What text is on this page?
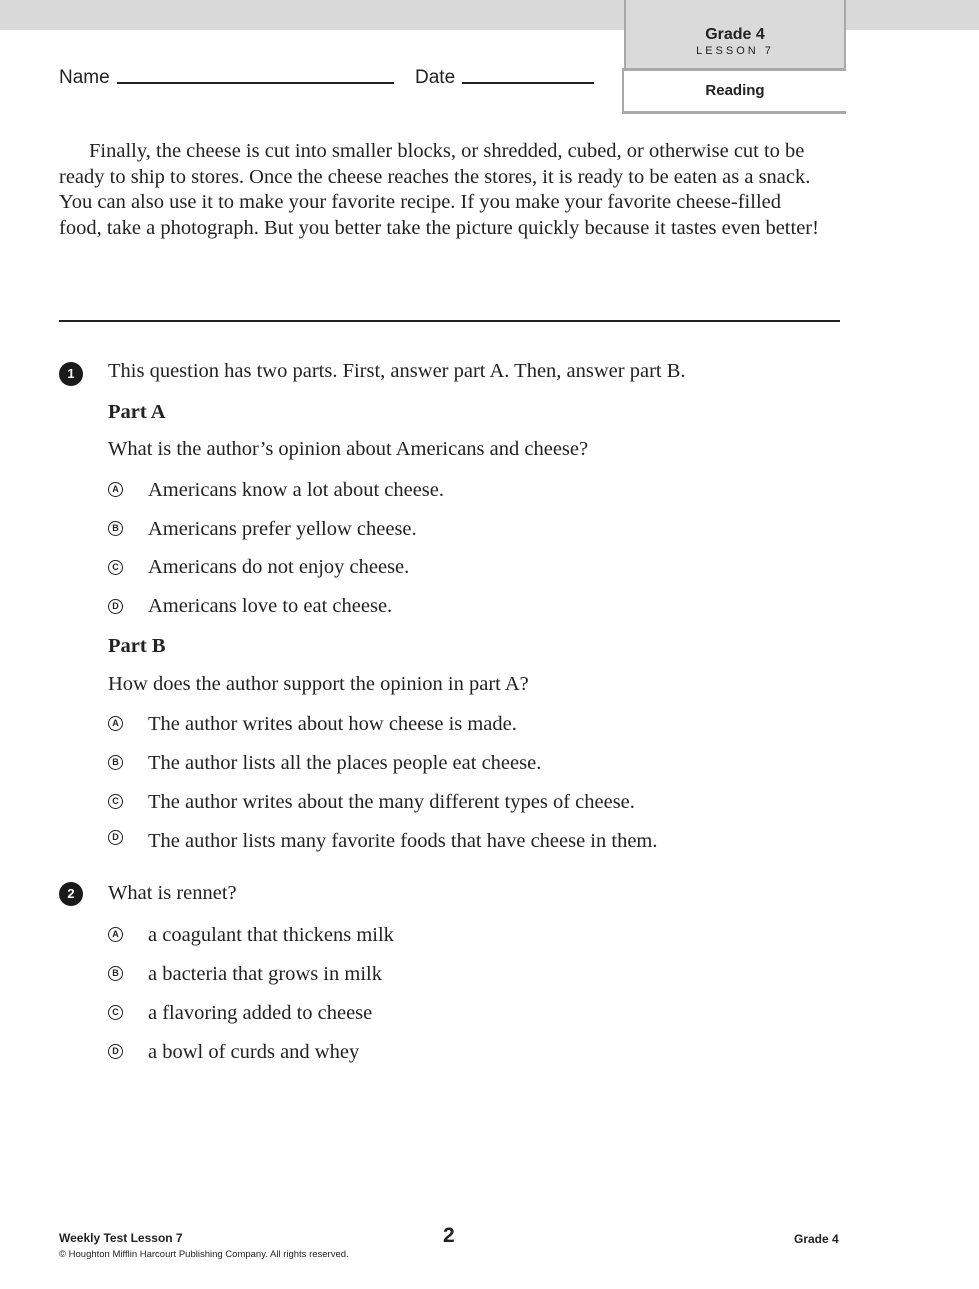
Grade 4
LESSON 7
Reading
Name	Date

Finally, the cheese is cut into smaller blocks, or shredded, cubed, or otherwise cut to be ready to ship to stores. Once the cheese reaches the stores, it is ready to be eaten as a snack. You can also use it to make your favorite recipe. If you make your favorite cheese-filled food, take a photograph. But you better take the picture quickly because it tastes even better!

1	This question has two parts. First, answer part A. Then, answer part B.
Part A
What is the author’s opinion about Americans and cheese?
A Americans know a lot about cheese.
B Americans prefer yellow cheese.
C Americans do not enjoy cheese.
D Americans love to eat cheese.
Part B
How does the author support the opinion in part A?
A The author writes about how cheese is made.
B The author lists all the places people eat cheese.
C The author writes about the many different types of cheese.
D The author lists many favorite foods that have cheese in them.
2	What is rennet?
A a coagulant that thickens milk
B a bacteria that grows in milk
C a flavoring added to cheese
D a bowl of curds and whey
Weekly Test Lesson 7
© Houghton Mifflin Harcourt Publishing Company. All rights reserved.
2	Grade 4
